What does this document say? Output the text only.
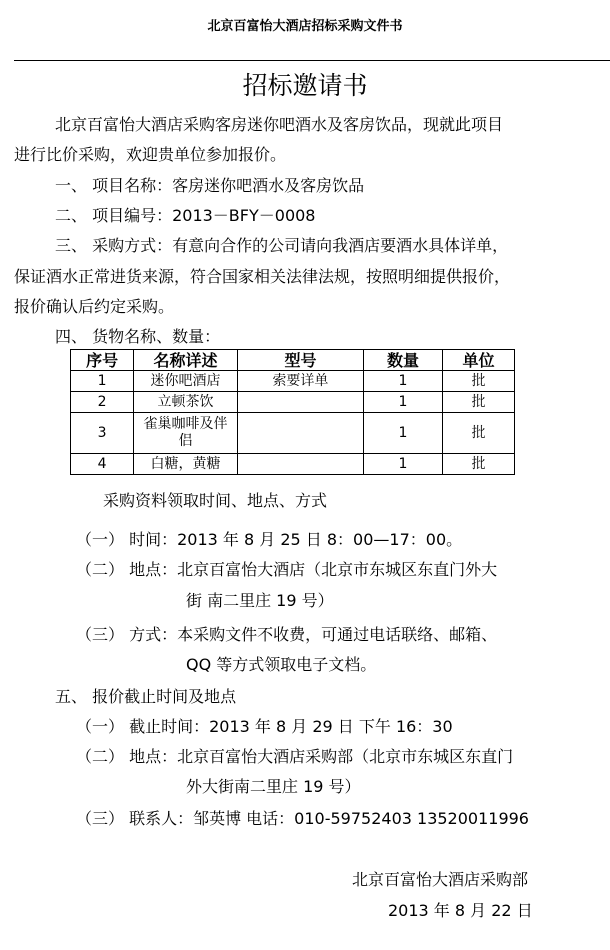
北京百富怡大酒店招标采购文件书
招标邀请书
北京百富怡大酒店采购客房迷你吧酒水及客房饮品，现就此项目
进行比价采购，欢迎贵单位参加报价。
一、 项目名称：客房迷你吧酒水及客房饮品
二、 项目编号：2013－BFY－0008
三、 采购方式：有意向合作的公司请向我酒店要酒水具体详单，
保证酒水正常进货来源，符合国家相关法律法规，按照明细提供报价，
报价确认后约定采购。
四、 货物名称、数量：
序号	名称详述	型号	数量	单位
1	迷你吧酒店	索要详单	1	批
2	立顿茶饮		1	批
3	雀巢咖啡及伴侣		1	批
4	白糖，黄糖		1	批
采购资料领取时间、地点、方式
（一） 时间：2013 年 8 月 25 日 8：00—17：00。
（二） 地点：北京百富怡大酒店（北京市东城区东直门外大
街 南二里庄 19 号）
（三） 方式：本采购文件不收费，可通过电话联络、邮箱、
QQ 等方式领取电子文档。
五、 报价截止时间及地点
（一） 截止时间：2013 年 8 月 29 日 下午 16：30
（二） 地点：北京百富怡大酒店采购部（北京市东城区东直门
外大街南二里庄 19 号）
（三） 联系人：邹英博 电话：010-59752403 13520011996
北京百富怡大酒店采购部
2013 年 8 月 22 日
